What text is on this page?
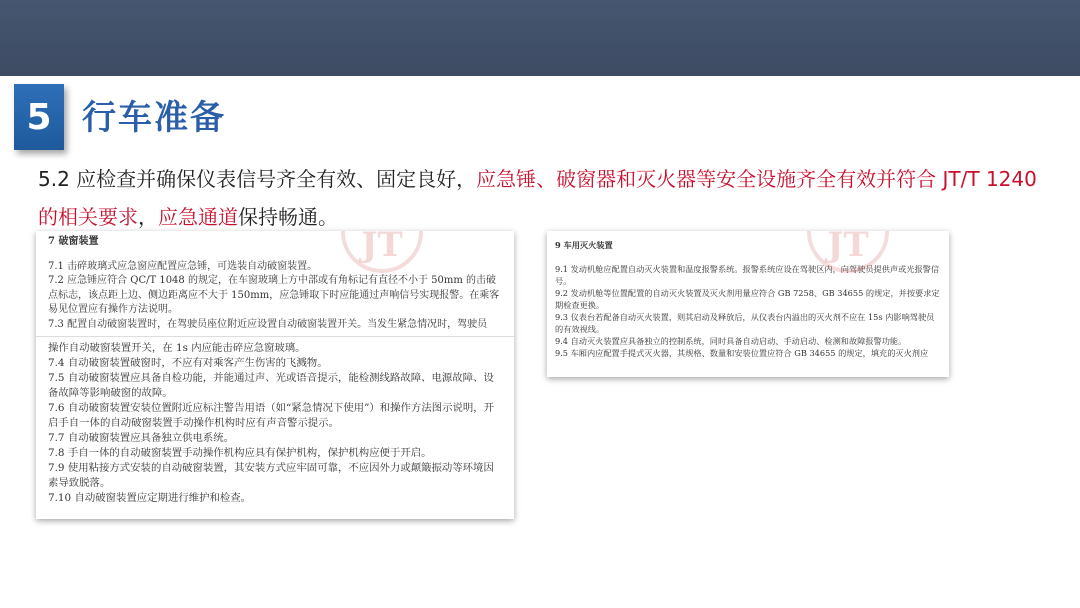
5 行车准备
5.2 应检查并确保仪表信号齐全有效、固定良好，应急锤、破窗器和灭火器等安全设施齐全有效并符合 JT/T 1240的相关要求，应急通道保持畅通。
JT
7 破窗装置

7.1 击碎玻璃式应急窗应配置应急锤，可选装自动破窗装置。

7.2 应急锤应符合 QC/T 1048 的规定，在车窗玻璃上方中部或有角标记有直径不小于 50mm 的击破点标志，该点距上边、侧边距离应不大于 150mm，应急锤取下时应能通过声响信号实现报警。在乘客易见位置应有操作方法说明。

7.3 配置自动破窗装置时，在驾驶员座位附近应设置自动破窗装置开关。当发生紧急情况时，驾驶员

操作自动破窗装置开关，在 1s 内应能击碎应急窗玻璃。

7.4 自动破窗装置破窗时，不应有对乘客产生伤害的飞溅物。

7.5 自动破窗装置应具备自检功能，并能通过声、光或语音提示，能检测线路故障、电源故障、设备故障等影响破窗的故障。

7.6 自动破窗装置安装位置附近应标注警告用语（如“紧急情况下使用”）和操作方法图示说明，开启手自一体的自动破窗装置手动操作机构时应有声音警示提示。

7.7 自动破窗装置应具备独立供电系统。

7.8 手自一体的自动破窗装置手动操作机构应具有保护机构，保护机构应便于开启。

7.9 使用粘接方式安装的自动破窗装置，其安装方式应牢固可靠，不应因外力或颠簸振动等环境因素导致脱落。

7.10 自动破窗装置应定期进行维护和检查。

JT
9 车用灭火装置

9.1 发动机舱应配置自动灭火装置和温度报警系统。报警系统应设在驾驶区内，向驾驶员提供声或光报警信号。

9.2 发动机舱等位置配置的自动灭火装置及灭火剂用量应符合 GB 7258、GB 34655 的规定，并按要求定期检查更换。

9.3 仪表台若配备自动灭火装置，则其启动及释放后，从仪表台内溢出的灭火剂不应在 15s 内影响驾驶员的有效视线。

9.4 自动灭火装置应具备独立的控制系统，同时具备自动启动、手动启动、检测和故障报警功能。

9.5 车厢内应配置手提式灭火器，其规格、数量和安装位置应符合 GB 34655 的规定，填充的灭火剂应
